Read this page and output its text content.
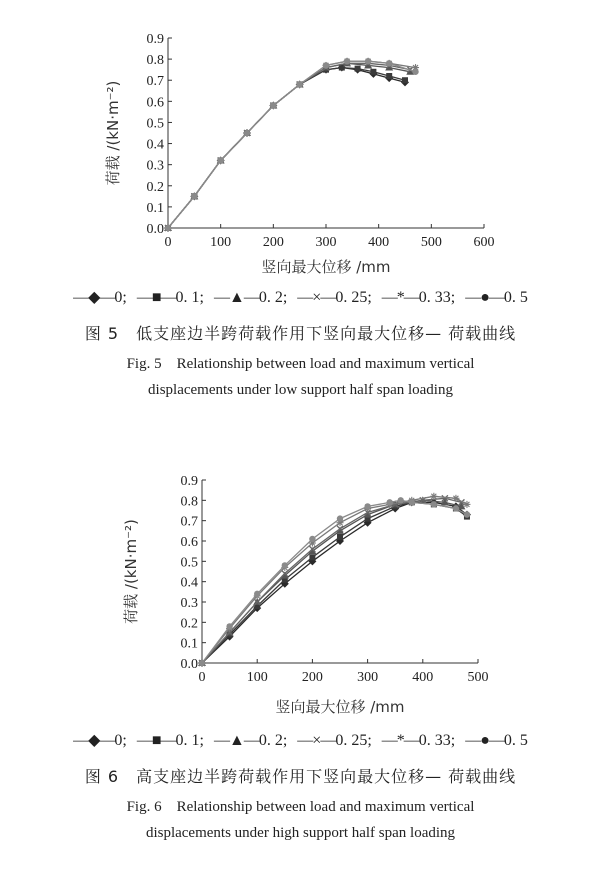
0.0
0.1
0.2
0.3
0.4
0.5
0.6
0.7
0.8
0.9
0	100 200 300 400 500 600
竖向最大位移 /mm
荷载 /(kN·m⁻²)
—◆—0; —■—0. 1; —▲—0. 2; —×—0. 25; —*—0. 33; —●—0. 5
图 5　低支座边半跨荷载作用下竖向最大位移— 荷载曲线
Fig. 5　Relationship between load and maximum vertical
displacements under low support half span loading
0.0
0.1
0.2
0.3
0.4
0.5
0.6
0.7
0.8
0.9
0	100 200 300 400 500
竖向最大位移 /mm
荷载 /(kN·m⁻²)
—◆—0; —■—0. 1; —▲—0. 2; —×—0. 25; —*—0. 33; —●—0. 5
图 6　高支座边半跨荷载作用下竖向最大位移— 荷载曲线
Fig. 6　Relationship between load and maximum vertical
displacements under high support half span loading
